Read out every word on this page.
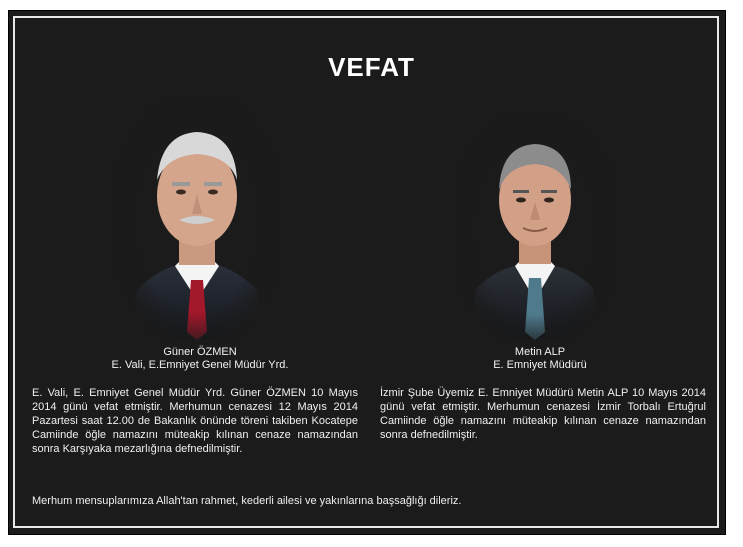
VEFAT
Güner ÖZMEN
E. Vali, E.Emniyet Genel Müdür Yrd.
Metin ALP
E. Emniyet Müdürü
E. Vali, E. Emniyet Genel Müdür Yrd. Güner ÖZMEN 10 Mayıs 2014 günü vefat etmiştir. Merhumun cenazesi 12 Mayıs 2014 Pazartesi saat 12.00 de Bakanlık önünde töreni takiben Kocatepe Camiinde öğle namazını müteakip kılınan cenaze namazından sonra Karşıyaka mezarlığına defnedilmiştir.
İzmir Şube Üyemiz E. Emniyet Müdürü Metin ALP 10 Mayıs 2014 günü vefat etmiştir. Merhumun cenazesi İzmir Torbalı Ertuğrul Camiinde öğle namazını müteakip kılınan cenaze namazından sonra defnedilmiştir.
Merhum mensuplarımıza Allah'tan rahmet, kederli ailesi ve yakınlarına başsağlığı dileriz.
